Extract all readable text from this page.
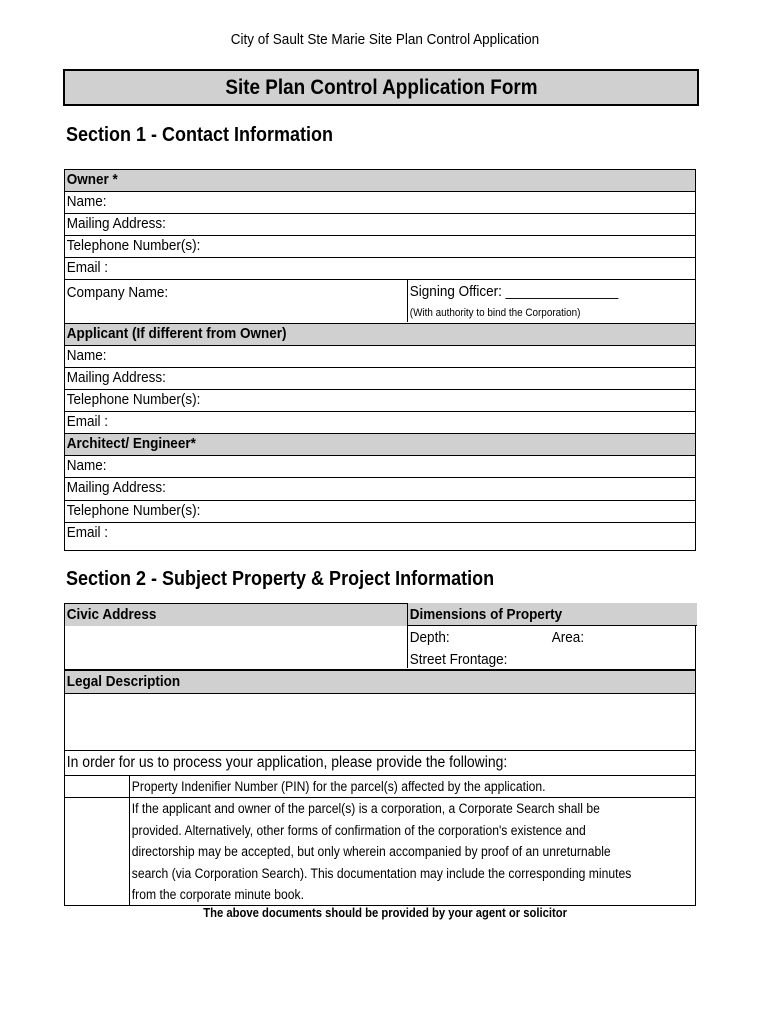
City of Sault Ste Marie Site Plan Control Application
Site Plan Control Application Form
Section 1 - Contact Information
Owner *
Name:
Mailing Address:
Telephone Number(s):
Email :
Company Name:	Signing Officer: _______________
(With authority to bind the Corporation)
Applicant (If different from Owner)
Name:
Mailing Address:
Telephone Number(s):
Email :
Architect/ Engineer*
Name:
Mailing Address:
Telephone Number(s):
Email :
Section 2 - Subject Property & Project Information
Civic Address	Dimensions of Property
Depth:	Area:
Street Frontage:
Legal Description
In order for us to process your application, please provide the following:
Property Indenifier Number (PIN) for the parcel(s) affected by the application.
If the applicant and owner of the parcel(s) is a corporation, a Corporate Search shall be
provided. Alternatively, other forms of confirmation of the corporation's existence and
directorship may be accepted, but only wherein accompanied by proof of an unreturnable
search (via Corporation Search). This documentation may include the corresponding minutes
from the corporate minute book.
The above documents should be provided by your agent or solicitor
